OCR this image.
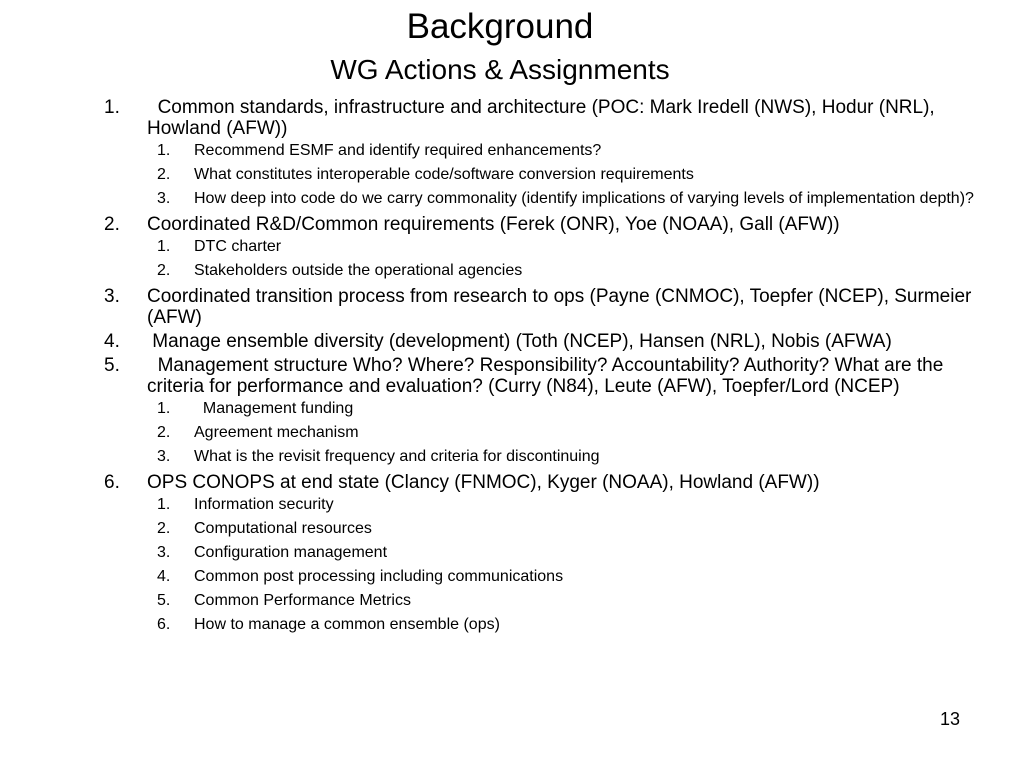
Background
WG Actions & Assignments
1.	Common standards, infrastructure and architecture (POC: Mark Iredell (NWS), Hodur (NRL), Howland (AFW))
1.	Recommend ESMF and identify required enhancements?
2.	What constitutes interoperable code/software conversion requirements
3.	How deep into code do we carry commonality (identify implications of varying levels of implementation depth)?
2.	Coordinated R&D/Common requirements (Ferek (ONR), Yoe (NOAA), Gall (AFW))
1.	DTC charter
2.	Stakeholders outside the operational agencies
3.	Coordinated transition process from research to ops (Payne (CNMOC), Toepfer (NCEP), Surmeier (AFW)
4.	Manage ensemble diversity (development) (Toth (NCEP), Hansen (NRL), Nobis (AFWA)
5.	Management structure Who? Where? Responsibility? Accountability? Authority? What are the criteria for performance and evaluation? (Curry (N84), Leute (AFW), Toepfer/Lord (NCEP)
1.	Management funding
2.	Agreement mechanism
3.	What is the revisit frequency and criteria for discontinuing
6.	OPS CONOPS at end state (Clancy (FNMOC), Kyger (NOAA), Howland (AFW))
1.	Information security
2.	Computational resources
3.	Configuration management
4.	Common post processing including communications
5.	Common Performance Metrics
6.	How to manage a common ensemble (ops)
13
